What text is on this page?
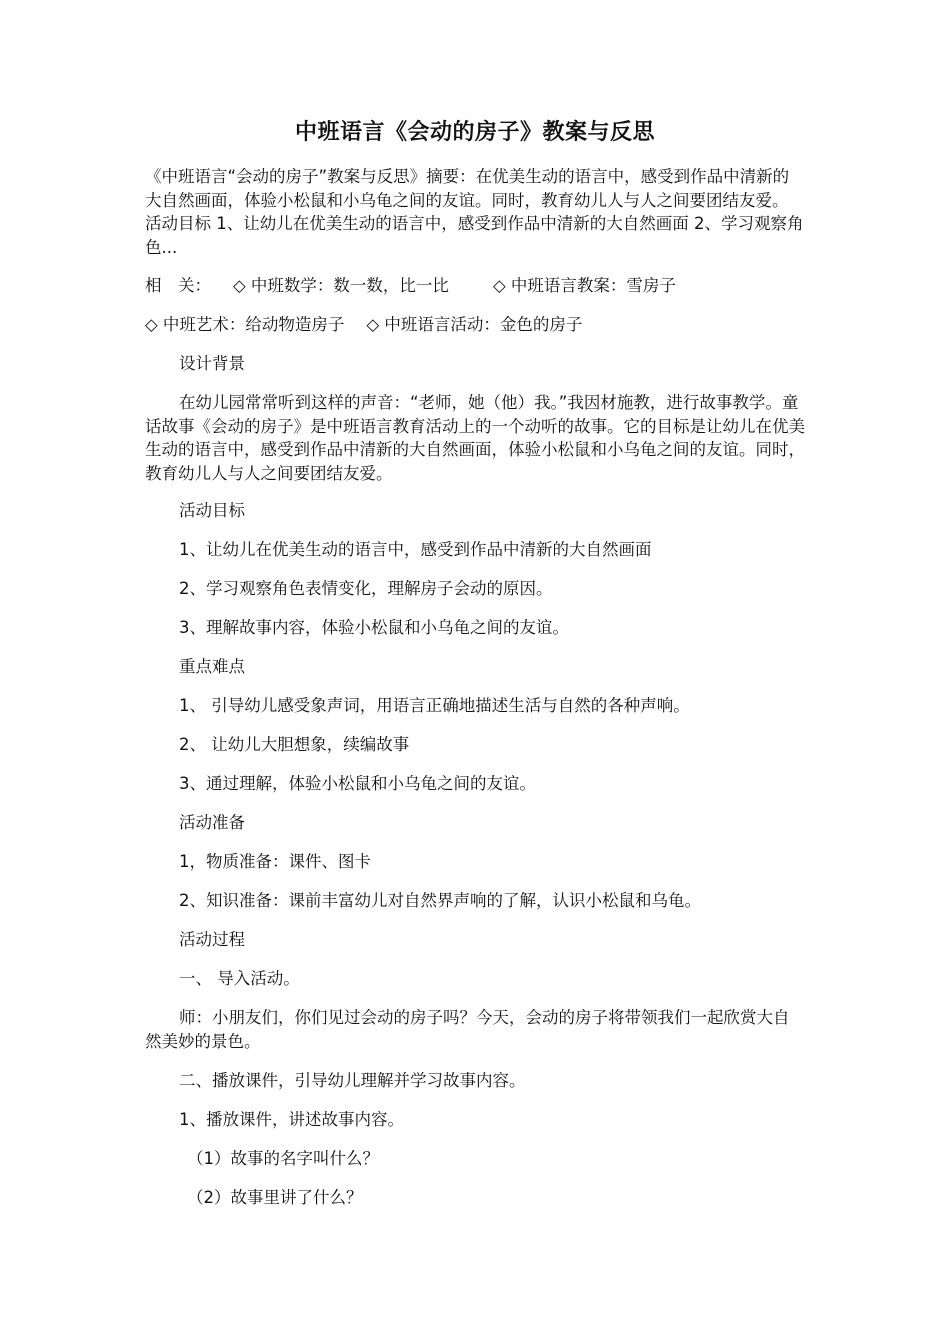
中班语言《会动的房子》教案与反思

《中班语言“会动的房子”教案与反思》摘要：在优美生动的语言中，感受到作品中清新的大自然画面，体验小松鼠和小乌龟之间的友谊。同时，教育幼儿人与人之间要团结友爱。 活动目标 1、让幼儿在优美生动的语言中，感受到作品中清新的大自然画面 2、学习观察角色...

相　关： ◇ 中班数学：数一数，比一比	◇ 中班语言教案：雪房子
◇ 中班艺术：给动物造房子 ◇ 中班语言活动：金色的房子
设计背景

在幼儿园常常听到这样的声音：“老师，她（他）我。”我因材施教，进行故事教学。童话故事《会动的房子》是中班语言教育活动上的一个动听的故事。它的目标是让幼儿在优美生动的语言中，感受到作品中清新的大自然画面，体验小松鼠和小乌龟之间的友谊。同时，教育幼儿人与人之间要团结友爱。

活动目标
1、让幼儿在优美生动的语言中，感受到作品中清新的大自然画面
2、学习观察角色表情变化，理解房子会动的原因。
3、理解故事内容，体验小松鼠和小乌龟之间的友谊。
重点难点
1、 引导幼儿感受象声词，用语言正确地描述生活与自然的各种声响。
2、 让幼儿大胆想象，续编故事
3、通过理解，体验小松鼠和小乌龟之间的友谊。
活动准备
1，物质准备：课件、图卡
2、知识准备：课前丰富幼儿对自然界声响的了解，认识小松鼠和乌龟。
活动过程
一、 导入活动。

师：小朋友们，你们见过会动的房子吗？今天，会动的房子将带领我们一起欣赏大自然美妙的景色。

二、播放课件，引导幼儿理解并学习故事内容。
1、播放课件，讲述故事内容。
（1）故事的名字叫什么？
（2）故事里讲了什么？
